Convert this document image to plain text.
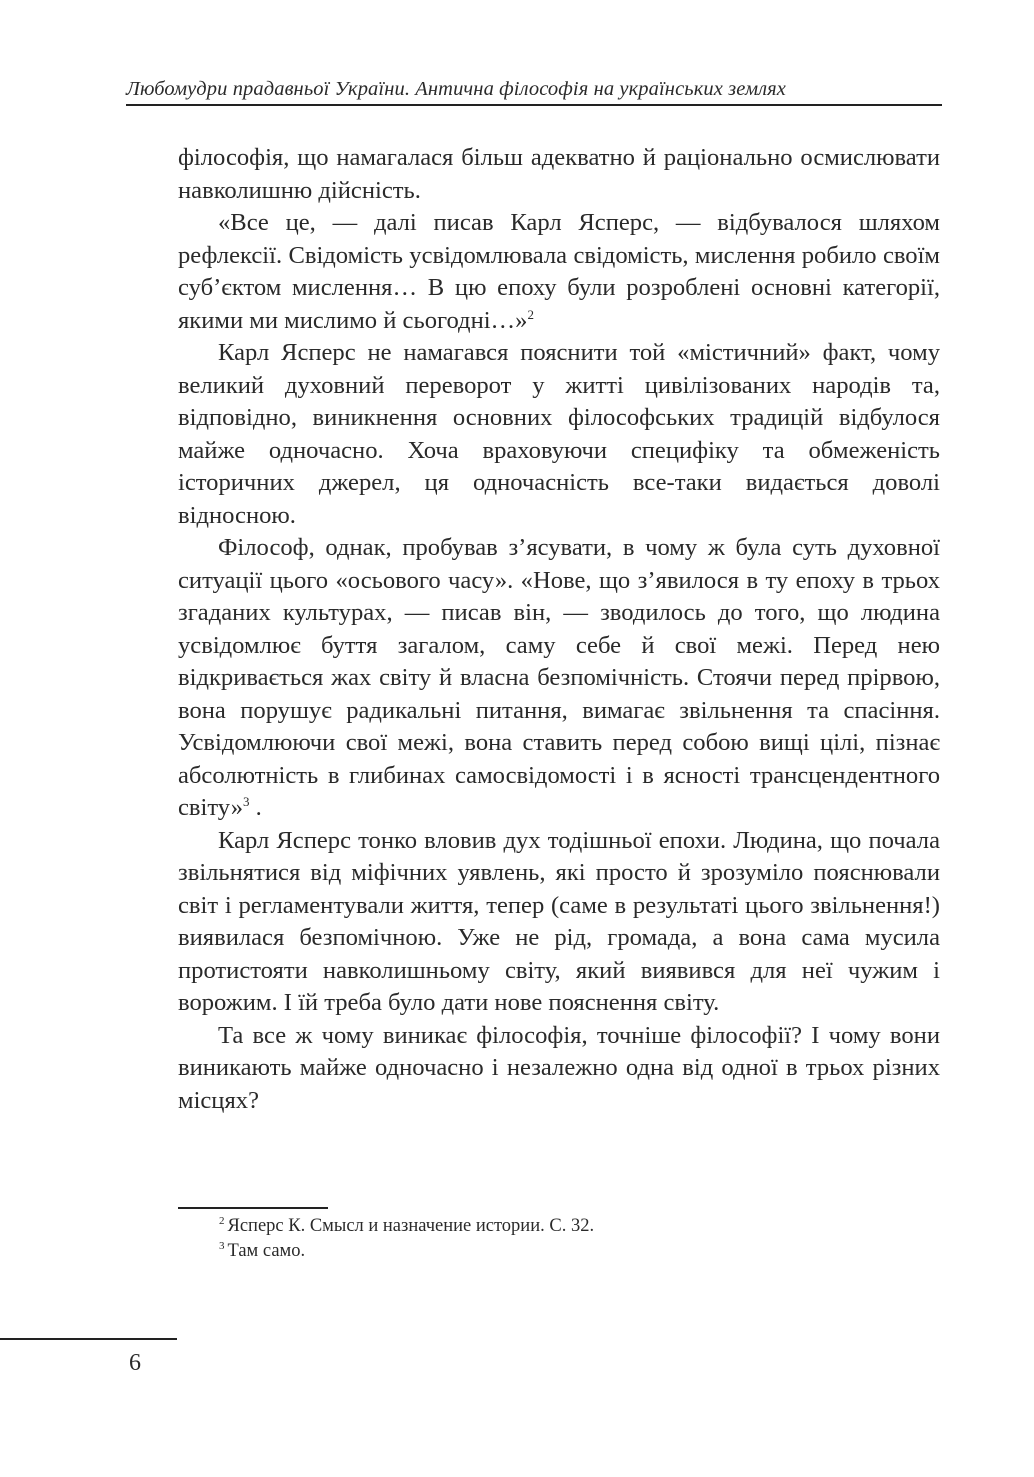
Любомудри прадавньої України. Антична філософія на українських землях

філософія, що намагалася більш адекватно й раціонально осмислювати навколишню дійсність.

«Все це, — далі писав Карл Ясперс, — відбувалося шляхом рефлексії. Свідомість усвідомлювала свідомість, мислення робило своїм суб’єктом мислення… В цю епоху були розроблені основні категорії, якими ми мислимо й сьогодні…»$^2$

Карл Ясперс не намагався пояснити той «містичний» факт, чому великий духовний переворот у житті цивілізованих народів та, відповідно, виникнення основних філософських традицій відбулося майже одночасно. Хоча враховуючи специфіку та обмеженість історичних джерел, ця одночасність все-таки видається доволі відносною.

Філософ, однак, пробував з’ясувати, в чому ж була суть духовної ситуації цього «осьового часу». «Нове, що з’явилося в ту епоху в трьох згаданих культурах, — писав він, — зводилось до того, що людина усвідомлює буття загалом, саму себе й свої межі. Перед нею відкривається жах світу й власна безпомічність. Стоячи перед прірвою, вона порушує радикальні питання, вимагає звільнення та спасіння. Усвідомлюючи свої межі, вона ставить перед собою вищі цілі, пізнає абсолютність в глибинах самосвідомості і в ясності трансцендентного світу»$^3$ .

Карл Ясперс тонко вловив дух тодішньої епохи. Людина, що почала звільнятися від міфічних уявлень, які просто й зрозуміло пояснювали світ і регламентували життя, тепер (саме в результаті цього звільнення!) виявилася безпомічною. Уже не рід, громада, а вона сама мусила протистояти навколишньому світу, який виявився для неї чужим і ворожим. І їй треба було дати нове пояснення світу.

Та все ж чому виникає філософія, точніше філософії? І чому вони виникають майже одночасно і незалежно одна від одної в трьох різних місцях?

$^2$ Ясперс К. Смысл и назначение истории. С. 32.
$^3$ Там само.
6
